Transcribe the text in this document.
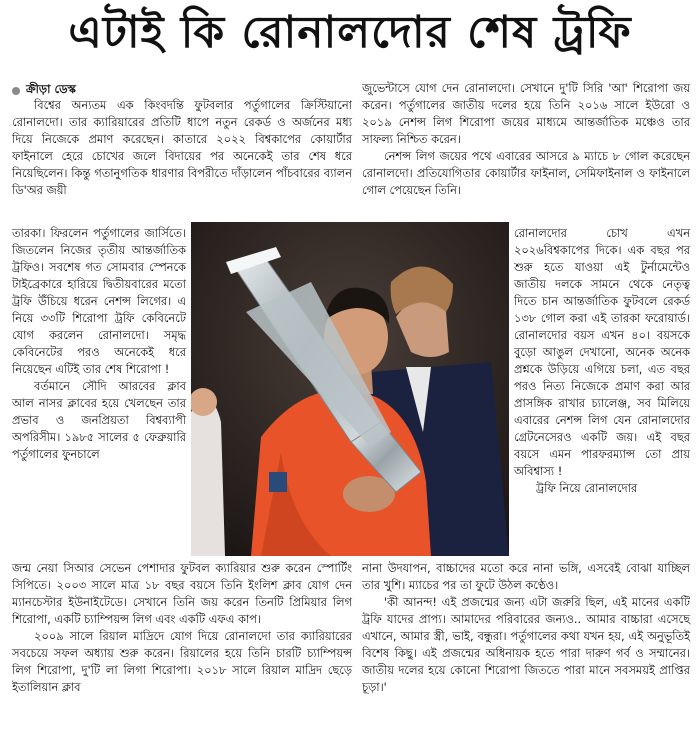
এটাই কি রোনালদোর শেষ ট্রফি
ক্রীড়া ডেস্ক

বিশ্বের অন্যতম এক কিংবদন্তি ফুটবলার পর্তুগালের ক্রিস্টিয়ানো রোনালদো। তার ক্যারিয়ারের প্রতিটি ধাপে নতুন রেকর্ড ও অর্জনের মধ্য দিয়ে নিজেকে প্রমাণ করেছেন। কাতারে ২০২২ বিশ্বকাপের কোয়ার্টার ফাইনালে হেরে চোখের জলে বিদায়ের পর অনেকেই তার শেষ ধরে নিয়েছিলেন। কিন্তু গতানুগতিক ধারণার বিপরীতে দাঁড়ালেন পাঁচবারের ব্যালন ডি'অর জয়ী

তারকা। ফিরলেন পর্তুগালের জার্সিতে। জিতলেন নিজের তৃতীয় আন্তর্জাতিক ট্রফিও। সবশেষ গত সোমবার স্পেনকে টাইব্রেকারে হারিয়ে দ্বিতীয়বারের মতো ট্রফি উঁচিয়ে ধরেন নেশন্স লিগের। এ নিয়ে ৩৩টি শিরোপা ট্রফি কেবিনেটে যোগ করলেন রোনালদো। সমৃদ্ধ কেবিনেটের পরও অনেকেই ধরে নিয়েছেন এটিই তার শেষ শিরোপা !

বর্তমানে সৌদি আরবের ক্লাব আল নাসর ক্লাবের হয়ে খেলছেন তার প্রভাব ও জনপ্রিয়তা বিশ্বব্যাপী অপরিসীম। ১৯৮৫ সালের ৫ ফেব্রুয়ারি পর্তুগালের ফুনচালে

জন্ম নেয়া সিআর সেভেন পেশাদার ফুটবল ক্যারিয়ার শুরু করেন স্পোর্টিং সিপিতে। ২০০৩ সালে মাত্র ১৮ বছর বয়সে তিনি ইংলিশ ক্লাব যোগ দেন ম্যানচেস্টার ইউনাইটেডে। সেখানে তিনি জয় করেন তিনটি প্রিমিয়ার লিগ শিরোপা, একটি চ্যাম্পিয়ন্স লিগ এবং একটি এফএ কাপ।

২০০৯ সালে রিয়াল মাদ্রিদে যোগ দিয়ে রোনালদো তার ক্যারিয়ারের সবচেয়ে সফল অধ্যায় শুরু করেন। রিয়ালের হয়ে তিনি চারটি চ্যাম্পিয়ন্স লিগ শিরোপা, দু'টি লা লিগা শিরোপা। ২০১৮ সালে রিয়াল মাদ্রিদ ছেড়ে ইতালিয়ান ক্লাব

জুভেন্টাসে যোগ দেন রোনালদো। সেখানে দু'টি সিরি 'আ' শিরোপা জয় করেন। পর্তুগালের জাতীয় দলের হয়ে তিনি ২০১৬ সালে ইউরো ও ২০১৯ নেশন্স লিগ শিরোপা জয়ের মাধ্যমে আন্তর্জাতিক মঞ্চেও তার সাফল্য নিশ্চিত করেন।

নেশন্স লিগ জয়ের পথে এবারের আসরে ৯ ম্যাচে ৮ গোল করেছেন রোনালদো। প্রতিযোগিতার কোয়ার্টার ফাইনাল, সেমিফাইনাল ও ফাইনালে গোল পেয়েছেন তিনি।

রোনালদোর চোখ এখন ২০২৬বিশ্বকাপের দিকে। এক বছর পর শুরু হতে যাওয়া এই টুর্নামেন্টেও জাতীয় দলকে সামনে থেকে নেতৃত্ব দিতে চান আন্তর্জাতিক ফুটবলে রেকর্ড ১৩৮ গোল করা এই তারকা ফরোয়ার্ড। রোনালদোর বয়স এখন ৪০। বয়সকে বুড়ো আঙুল দেখানো, অনেক অনেক প্রশ্নকে উড়িয়ে এগিয়ে চলা, এত বছর পরও নিত্য নিজেকে প্রমাণ করা আর প্রাসঙ্গিক রাখার চ্যালেঞ্জ, সব মিলিয়ে এবারের নেশন্স লিগ যেন রোনালদোর গ্রেটনেসেরও একটি জয়। এই বছর বয়সে এমন পারফরম্যান্স তো প্রায় অবিশ্বাস্য !

ট্রফি নিয়ে রোনালদোর

নানা উদযাপন, বাচ্চাদের মতো করে নানা ভঙ্গি, এসবেই বোঝা যাচ্ছিল তার খুশি। ম্যাচের পর তা ফুটে উঠল কণ্ঠেও।

'কী আনন্দ! এই প্রজন্মের জন্য এটা জরুরি ছিল, এই মানের একটি ট্রফি যাদের প্রাপ্য। আমাদের পরিবারের জন্যও.. আমার বাচ্চারা এসেছে এখানে, আমার স্ত্রী, ভাই, বন্ধুরা। পর্তুগালের কথা যখন হয়, এই অনুভূতিই বিশেষ কিছু। এই প্রজন্মের অধিনায়ক হতে পারা দারুণ গর্ব ও সম্মানের। জাতীয় দলের হয়ে কোনো শিরোপা জিততে পারা মানে সবসময়ই প্রাপ্তির চূড়া।'
